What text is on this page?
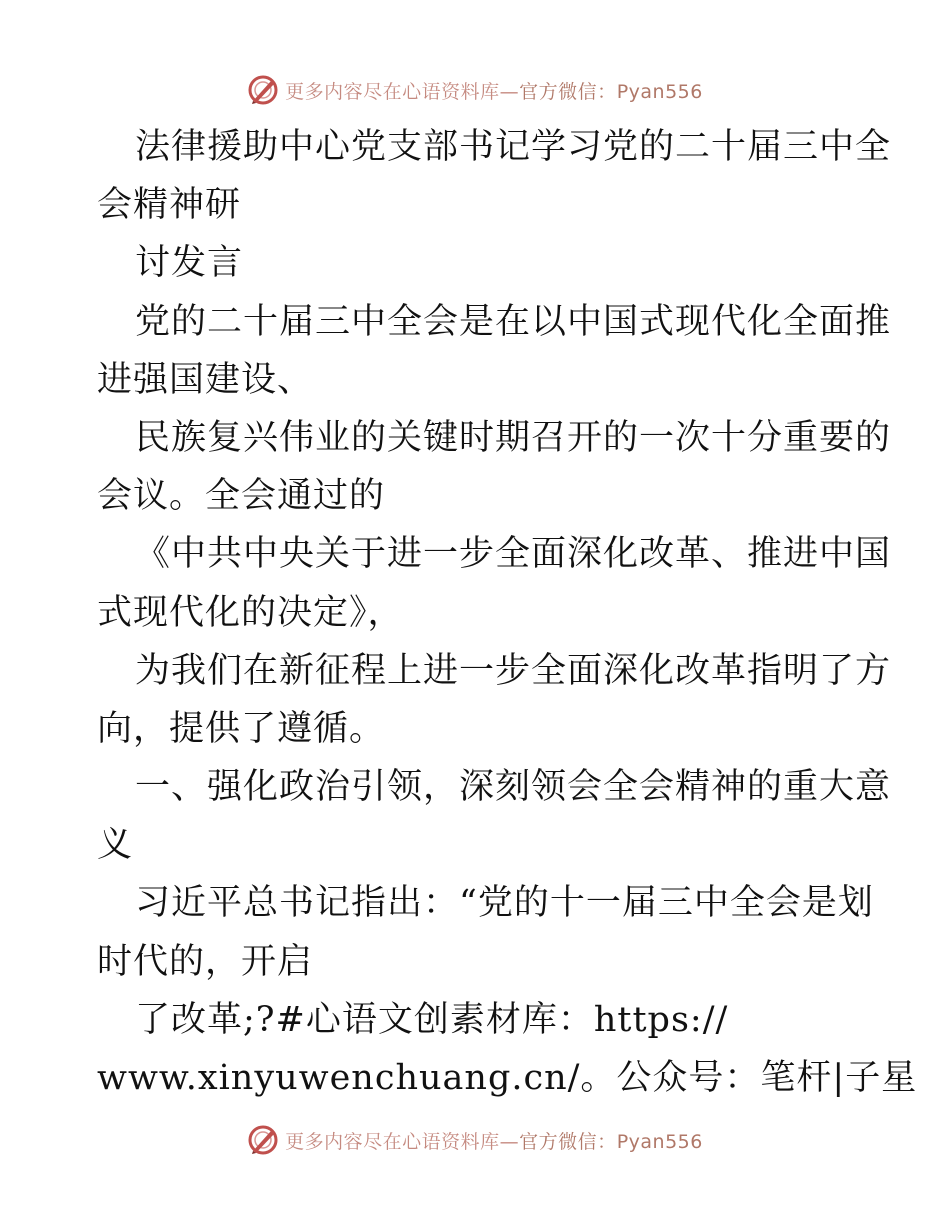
更多内容尽在心语资料库—官方微信：Pyan556
法律援助中心党支部书记学习党的二十届三中全
会精神研
讨发言
党的二十届三中全会是在以中国式现代化全面推
进强国建设、
民族复兴伟业的关键时期召开的一次十分重要的
会议。全会通过的
《中共中央关于进一步全面深化改革、推进中国
式现代化的决定》，
为我们在新征程上进一步全面深化改革指明了方
向，提供了遵循。
一、强化政治引领，深刻领会全会精神的重大意
义
习近平总书记指出：“党的十一届三中全会是划
时代的，开启
了改革;?#心语文创素材库：https://
www.xinyuwenchuang.cn/。公众号：笔杆|子星
更多内容尽在心语资料库—官方微信：Pyan556
